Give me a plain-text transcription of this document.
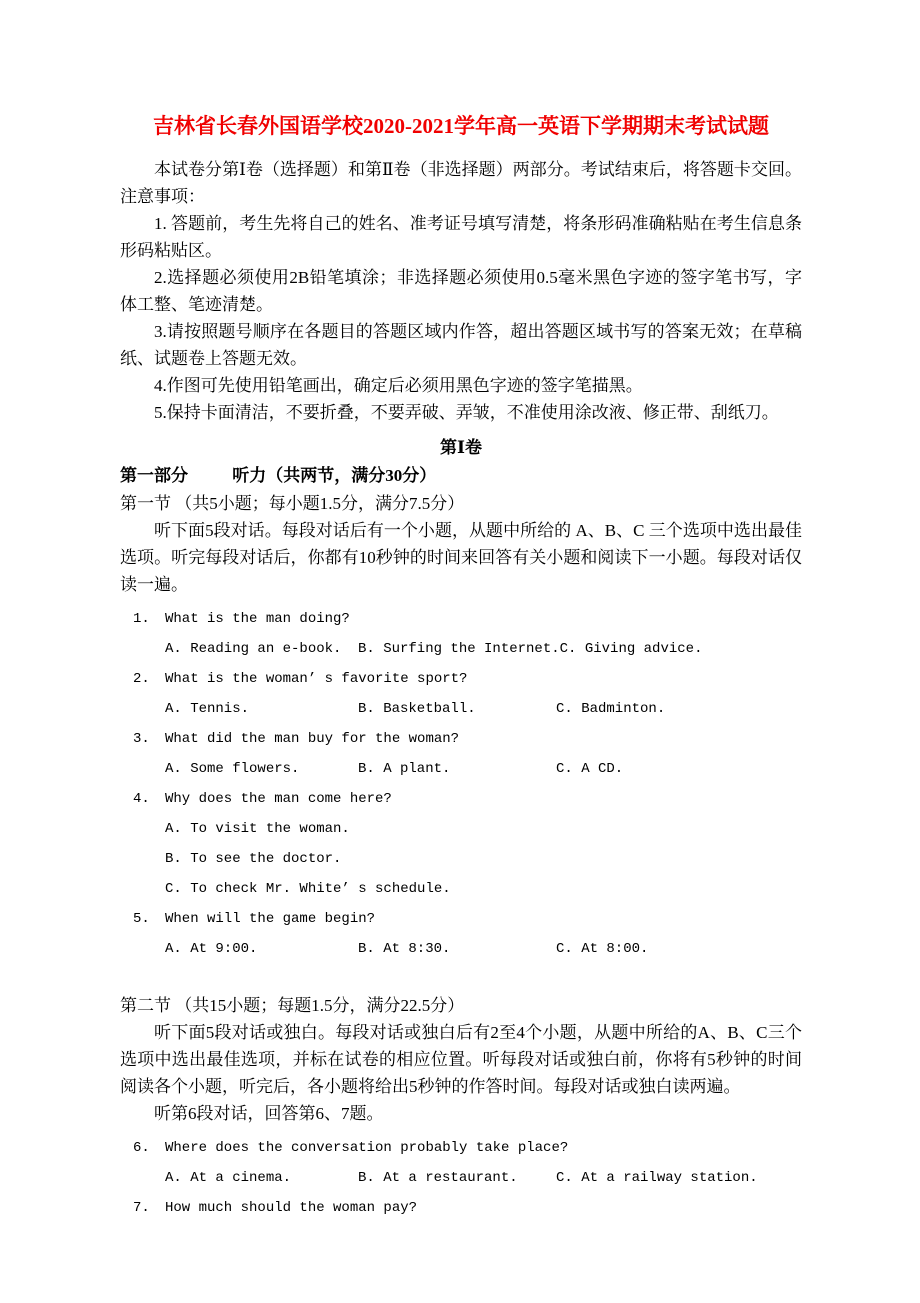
吉林省长春外国语学校2020-2021学年高一英语下学期期末考试试题

本试卷分第Ⅰ卷（选择题）和第Ⅱ卷（非选择题）两部分。考试结束后，将答题卡交回。注意事项：

1. 答题前，考生先将自己的姓名、准考证号填写清楚，将条形码准确粘贴在考生信息条形码粘贴区。

2.选择题必须使用2B铅笔填涂；非选择题必须使用0.5毫米黑色字迹的签字笔书写，字体工整、笔迹清楚。

3.请按照题号顺序在各题目的答题区域内作答，超出答题区域书写的答案无效；在草稿纸、试题卷上答题无效。

4.作图可先使用铅笔画出，确定后必须用黑色字迹的签字笔描黑。

5.保持卡面清洁，不要折叠，不要弄破、弄皱，不准使用涂改液、修正带、刮纸刀。

第Ⅰ卷

第一部分	听力（共两节，满分30分）

第一节 （共5小题；每小题1.5分，满分7.5分）

听下面5段对话。每段对话后有一个小题，从题中所给的 A、B、C 三个选项中选出最佳选项。听完每段对话后，你都有10秒钟的时间来回答有关小题和阅读下一小题。每段对话仅读一遍。

1.	What is the man doing?
A. Reading an e-book.	B. Surfing the Internet. C. Giving advice.
2.	What is the woman’ s favorite sport?
A. Tennis.	B. Basketball.	C. Badminton.
3.	What did the man buy for the woman?
A. Some flowers.	B. A plant.	C. A CD.
4.	Why does the man come here?
A. To visit the woman.
B. To see the doctor.
C. To check Mr. White’ s schedule.
5.	When will the game begin?
A. At 9:00.	B. At 8:30.	C. At 8:00.

第二节 （共15小题；每题1.5分，满分22.5分）

听下面5段对话或独白。每段对话或独白后有2至4个小题，从题中所给的A、B、C三个选项中选出最佳选项，并标在试卷的相应位置。听每段对话或独白前，你将有5秒钟的时间阅读各个小题，听完后，各小题将给出5秒钟的作答时间。每段对话或独白读两遍。

听第6段对话，回答第6、7题。

6.	Where does the conversation probably take place?
A. At a cinema.	B. At a restaurant.	C. At a railway station.
7.	How much should the woman pay?
